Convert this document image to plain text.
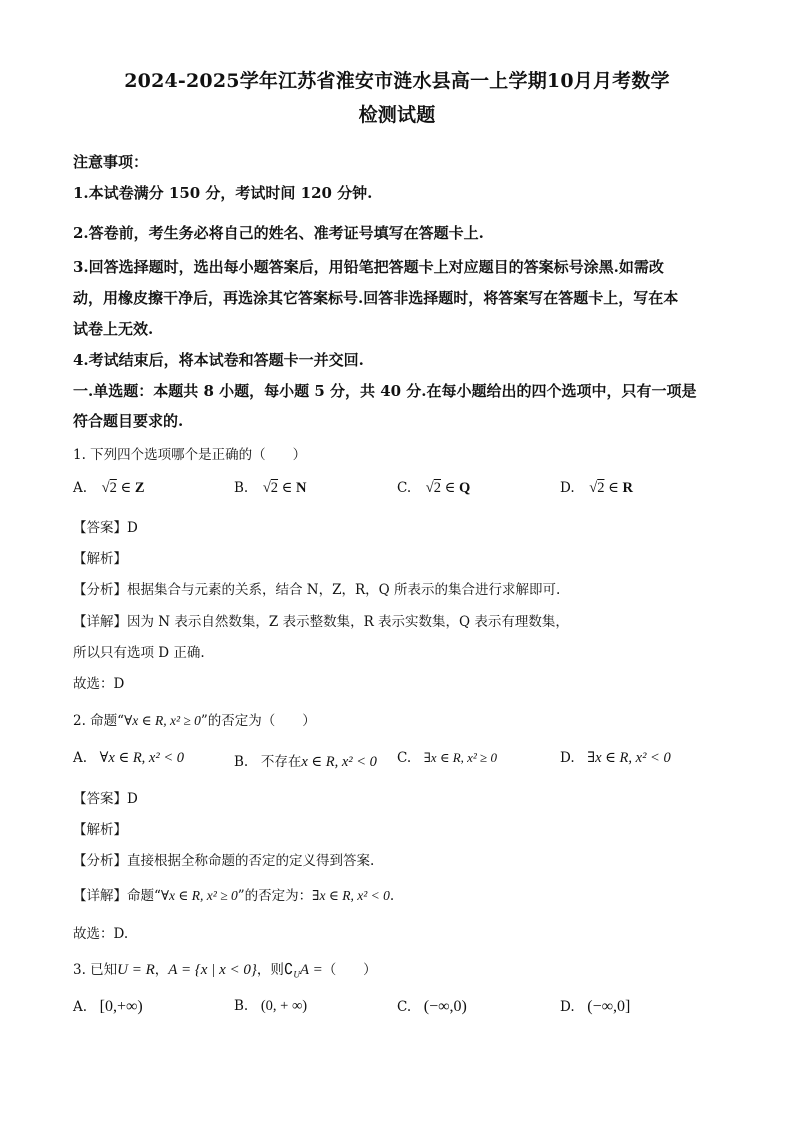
2024-2025学年江苏省淮安市涟水县高一上学期10月月考数学
检测试题
注意事项：
1.本试卷满分 150 分，考试时间 120 分钟.
2.答卷前，考生务必将自己的姓名、准考证号填写在答题卡上.
3.回答选择题时，选出每小题答案后，用铅笔把答题卡上对应题目的答案标号涂黑.如需改
动，用橡皮擦干净后，再选涂其它答案标号.回答非选择题时，将答案写在答题卡上，写在本
试卷上无效.
4.考试结束后，将本试卷和答题卡一并交回.
一.单选题：本题共 8 小题，每小题 5 分，共 40 分.在每小题给出的四个选项中，只有一项是
符合题目要求的.
1. 下列四个选项哪个是正确的（　　）
A. √2 ∈ Z	B. √2 ∈ N	C. √2 ∈ Q	D. √2 ∈ R
【答案】D
【解析】
【分析】根据集合与元素的关系，结合 N，Z，R，Q 所表示的集合进行求解即可.
【详解】因为 N 表示自然数集，Z 表示整数集，R 表示实数集，Q 表示有理数集，
所以只有选项 D 正确.
故选：D
2. 命题“∀x ∈ R, x² ≥ 0”的否定为（　　）
A. ∀x ∈ R, x² < 0	B. 不存在x ∈ R, x² < 0 C. ∃x ∈ R, x² ≥ 0	D. ∃x ∈ R, x² < 0
【答案】D
【解析】
【分析】直接根据全称命题的否定的定义得到答案.
【详解】命题“∀x ∈ R, x² ≥ 0”的否定为：∃x ∈ R, x² < 0.
故选：D.
3. 已知U = R，A = {x | x < 0}，则$∁_UA$ =（　　）
A. [0,+∞)	B. (0, + ∞)	C. (−∞,0)	D. (−∞,0]
